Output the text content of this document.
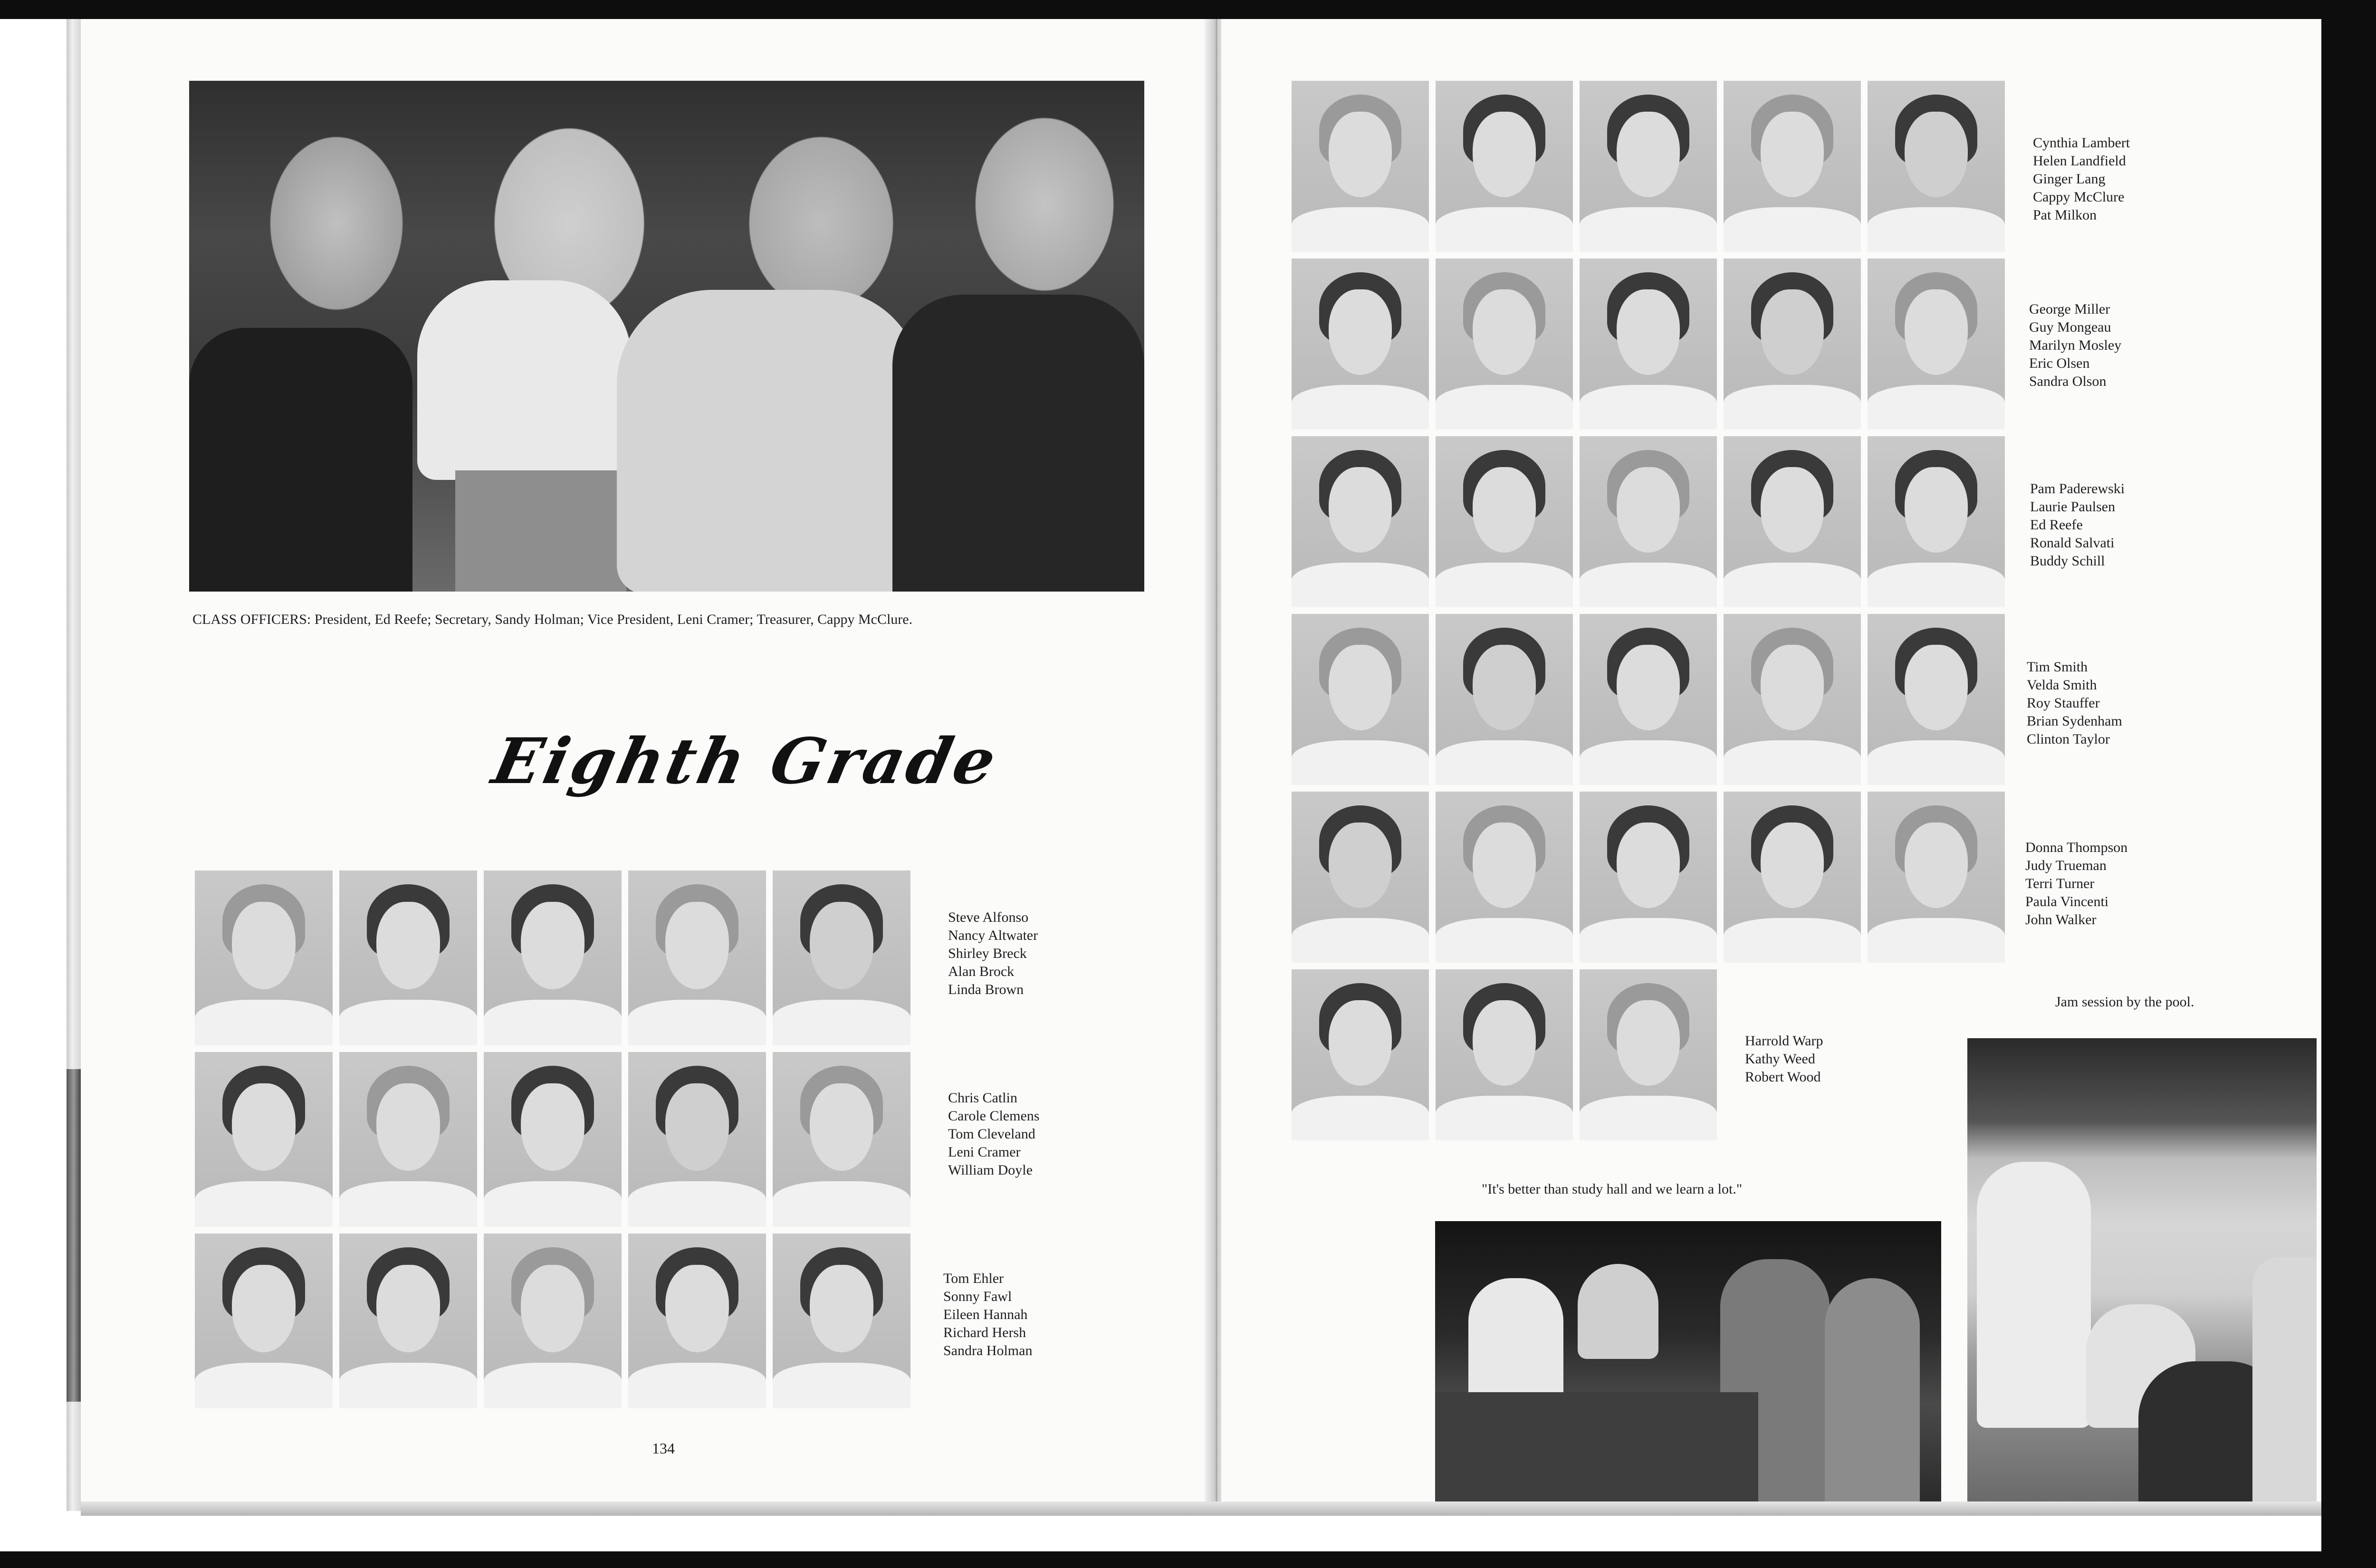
CLASS OFFICERS: President, Ed Reefe; Secretary, Sandy Holman; Vice President, Leni Cramer; Treasurer, Cappy McClure.
Eighth Grade
Steve Alfonso
Nancy Altwater
Shirley Breck
Alan Brock
Linda Brown
Chris Catlin
Carole Clemens
Tom Cleveland
Leni Cramer
William Doyle
Tom Ehler
Sonny Fawl
Eileen Hannah
Richard Hersh
Sandra Holman
134
Cynthia Lambert
Helen Landfield
Ginger Lang
Cappy McClure
Pat Milkon
George Miller
Guy Mongeau
Marilyn Mosley
Eric Olsen
Sandra Olson
Pam Paderewski
Laurie Paulsen
Ed Reefe
Ronald Salvati
Buddy Schill
Tim Smith
Velda Smith
Roy Stauffer
Brian Sydenham
Clinton Taylor
Donna Thompson
Judy Trueman
Terri Turner
Paula Vincenti
John Walker
Harrold Warp
Kathy Weed
Robert Wood
Jam session by the pool.
"It's better than study hall and we learn a lot."
